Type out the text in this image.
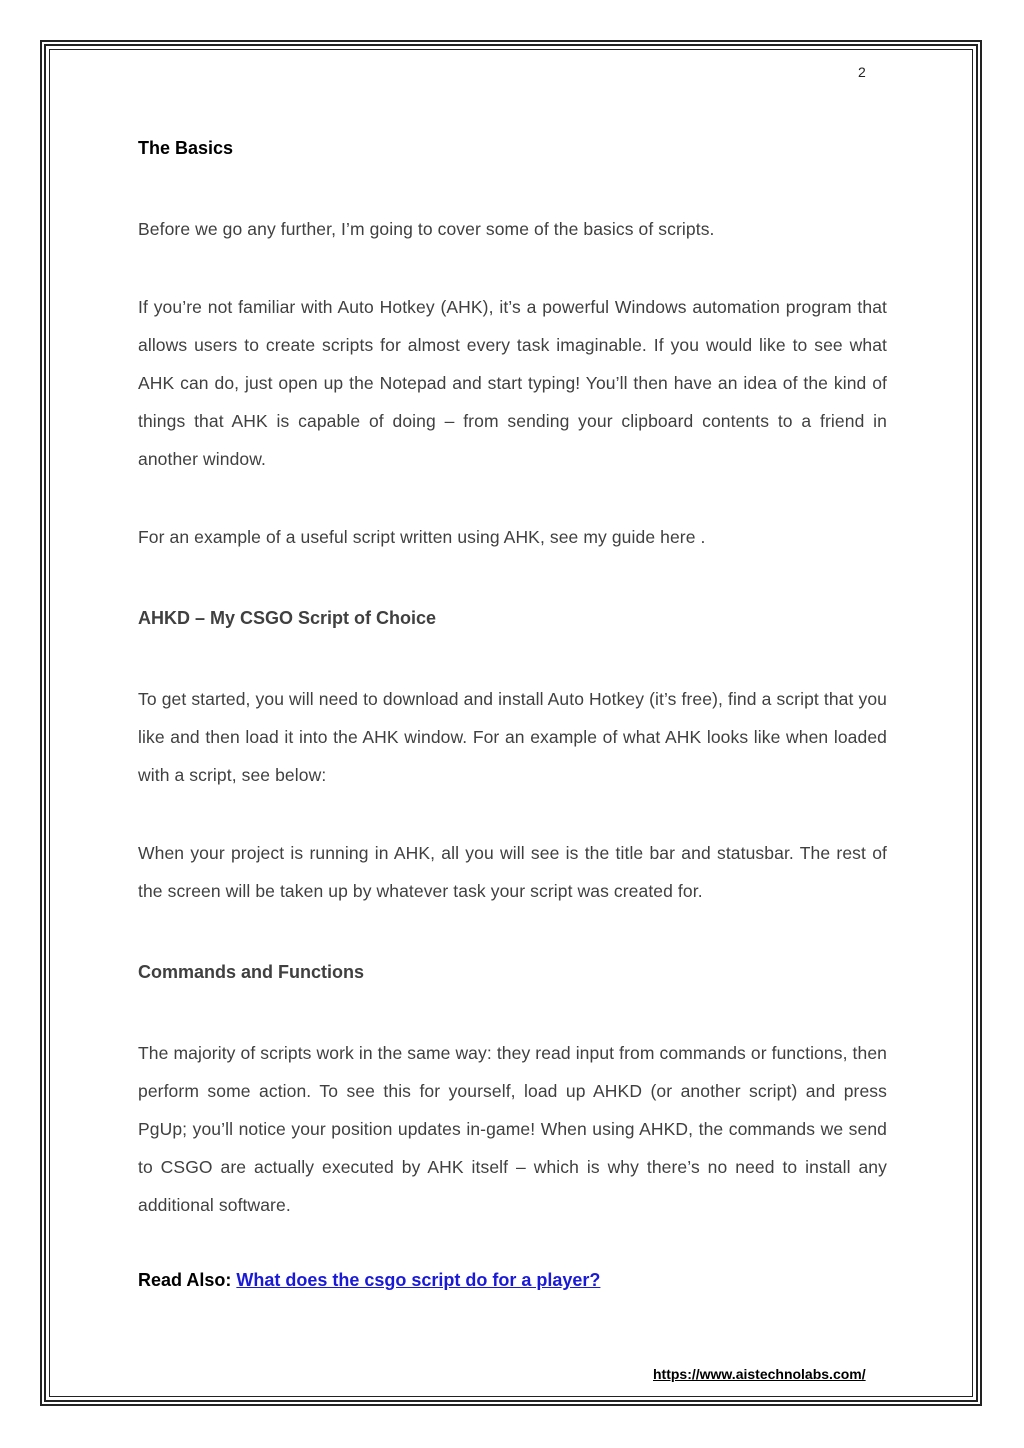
2

The Basics

Before we go any further, I’m going to cover some of the basics of scripts.

If you’re not familiar with Auto Hotkey (AHK), it’s a powerful Windows automation program that allows users to create scripts for almost every task imaginable. If you would like to see what AHK can do, just open up the Notepad and start typing! You’ll then have an idea of the kind of things that AHK is capable of doing – from sending your clipboard contents to a friend in another window.

For an example of a useful script written using AHK, see my guide here .

AHKD – My CSGO Script of Choice

To get started, you will need to download and install Auto Hotkey (it’s free), find a script that you like and then load it into the AHK window. For an example of what AHK looks like when loaded with a script, see below:

When your project is running in AHK, all you will see is the title bar and statusbar. The rest of the screen will be taken up by whatever task your script was created for.

Commands and Functions

The majority of scripts work in the same way: they read input from commands or functions, then perform some action. To see this for yourself, load up AHKD (or another script) and press PgUp; you’ll notice your position updates in-game! When using AHKD, the commands we send to CSGO are actually executed by AHK itself – which is why there’s no need to install any additional software.

Read Also: What does the csgo script do for a player?

https://www.aistechnolabs.com/
